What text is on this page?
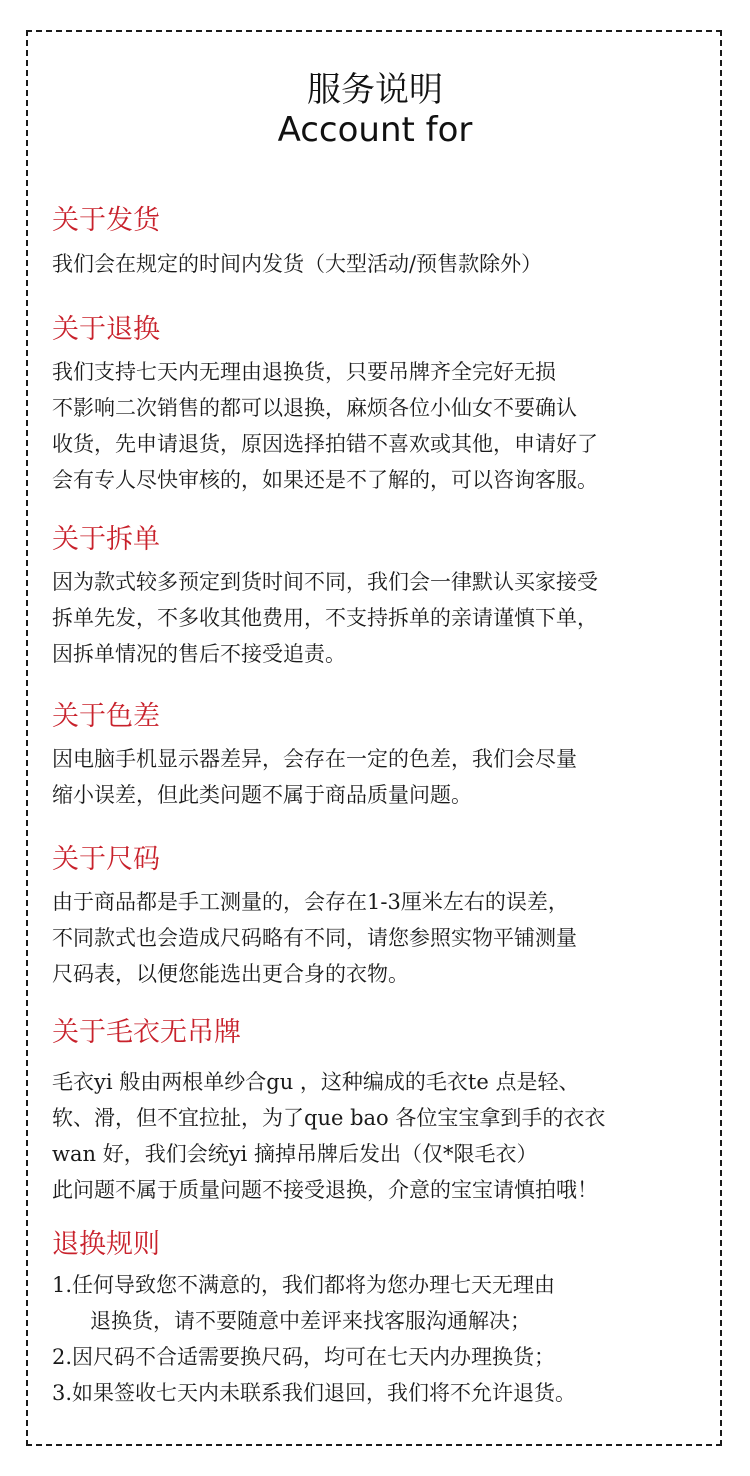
服务说明
Account for
关于发货
我们会在规定的时间内发货（大型活动/预售款除外）
关于退换
我们支持七天内无理由退换货，只要吊牌齐全完好无损
不影响二次销售的都可以退换，麻烦各位小仙女不要确认
收货，先申请退货，原因选择拍错不喜欢或其他，申请好了
会有专人尽快审核的，如果还是不了解的，可以咨询客服。
关于拆单
因为款式较多预定到货时间不同，我们会一律默认买家接受
拆单先发，不多收其他费用，不支持拆单的亲请谨慎下单，
因拆单情况的售后不接受追责。
关于色差
因电脑手机显示器差异，会存在一定的色差，我们会尽量
缩小误差，但此类问题不属于商品质量问题。
关于尺码
由于商品都是手工测量的，会存在1-3厘米左右的误差，
不同款式也会造成尺码略有不同，请您参照实物平铺测量
尺码表，以便您能选出更合身的衣物。
关于毛衣无吊牌
毛衣yi 般由两根单纱合gu ，这种编成的毛衣te 点是轻、
软、滑，但不宜拉扯，为了que bao 各位宝宝拿到手的衣衣
wan 好，我们会统yi 摘掉吊牌后发出（仅*限毛衣）
此问题不属于质量问题不接受退换，介意的宝宝请慎拍哦！
退换规则
1.任何导致您不满意的，我们都将为您办理七天无理由
退换货，请不要随意中差评来找客服沟通解决；
2.因尺码不合适需要换尺码，均可在七天内办理换货；
3.如果签收七天内未联系我们退回，我们将不允许退货。
